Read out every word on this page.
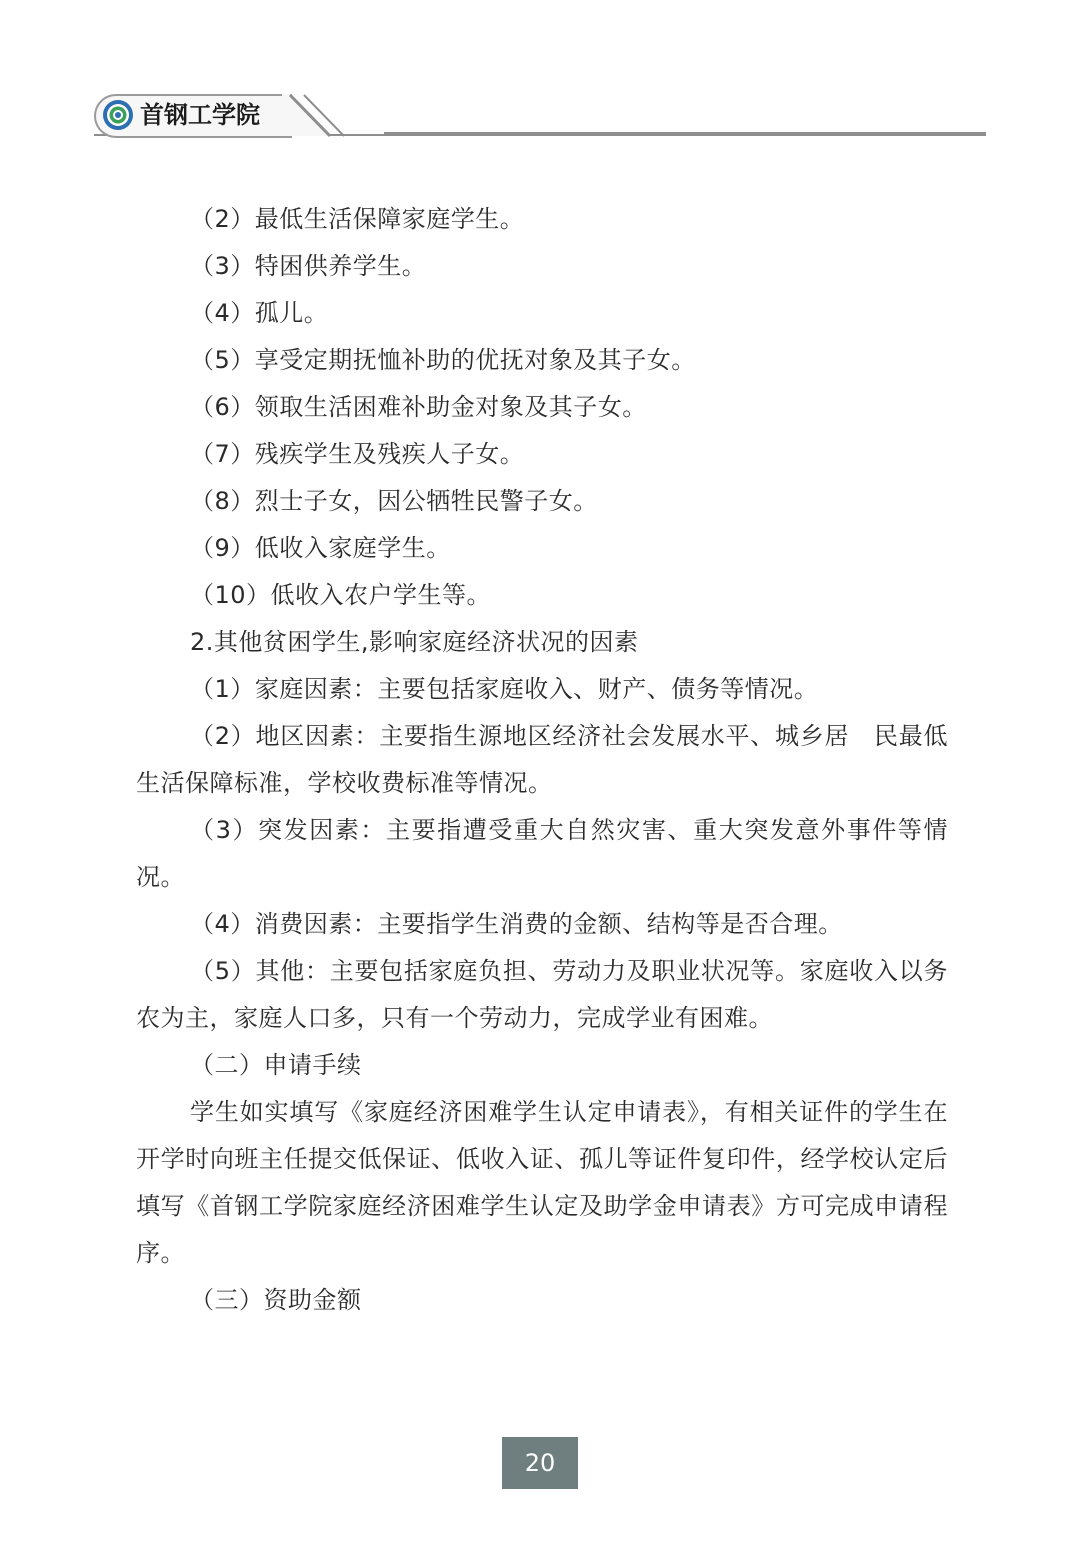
首钢工学院

（2）最低生活保障家庭学生。

（3）特困供养学生。

（4）孤儿。

（5）享受定期抚恤补助的优抚对象及其子女。

（6）领取生活困难补助金对象及其子女。

（7）残疾学生及残疾人子女。

（8）烈士子女，因公牺牲民警子女。

（9）低收入家庭学生。

（10）低收入农户学生等。

2.其他贫困学生,影响家庭经济状况的因素

（1）家庭因素：主要包括家庭收入、财产、债务等情况。

（2）地区因素：主要指生源地区经济社会发展水平、城乡居　民最低生活保障标准，学校收费标准等情况。

（3）突发因素：主要指遭受重大自然灾害、重大突发意外事件等情况。

（4）消费因素：主要指学生消费的金额、结构等是否合理。

（5）其他：主要包括家庭负担、劳动力及职业状况等。家庭收入以务农为主，家庭人口多，只有一个劳动力，完成学业有困难。

（二）申请手续

学生如实填写《家庭经济困难学生认定申请表》，有相关证件的学生在开学时向班主任提交低保证、低收入证、孤儿等证件复印件，经学校认定后填写《首钢工学院家庭经济困难学生认定及助学金申请表》方可完成申请程序。

（三）资助金额

20
